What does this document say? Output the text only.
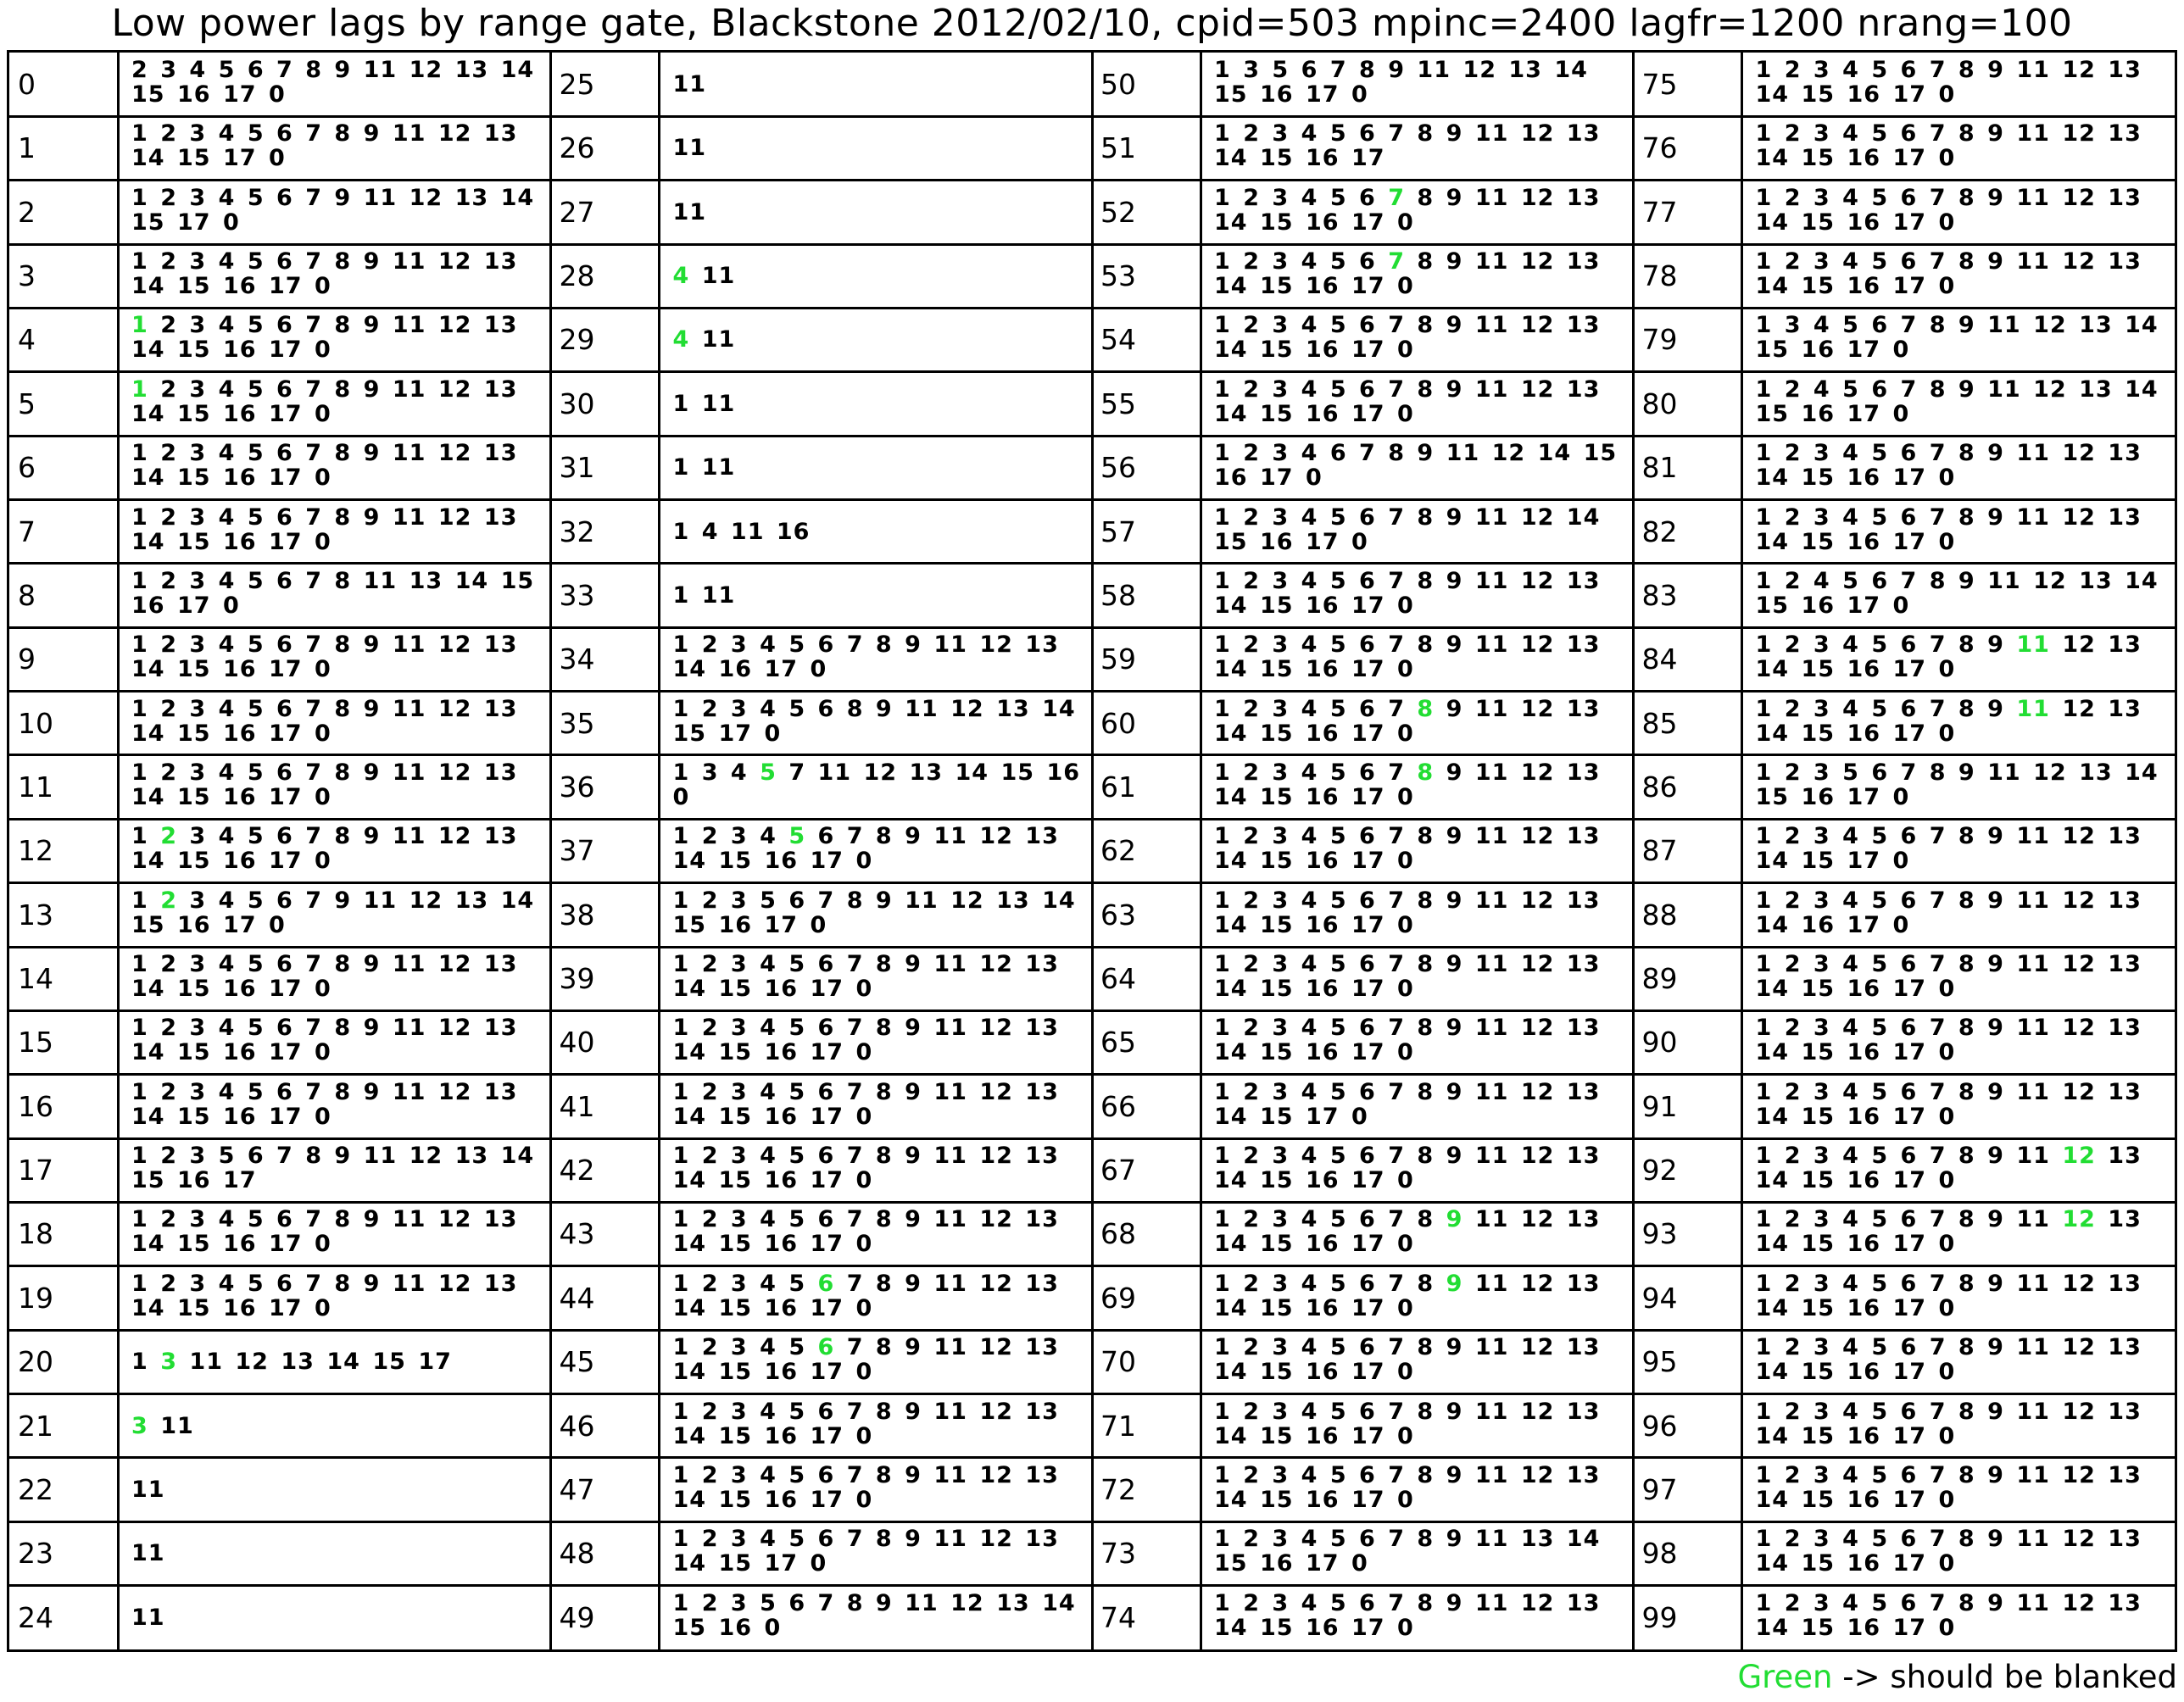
Low power lags by range gate, Blackstone 2012/02/10, cpid=503 mpinc=2400 lagfr=1200 nrang=100
0	2 3 4 5 6 7 8 9 11 12 13 14 15 16 17 0
1	1 2 3 4 5 6 7 8 9 11 12 13 14 15 17 0
2	1 2 3 4 5 6 7 9 11 12 13 14 15 17 0
3	1 2 3 4 5 6 7 8 9 11 12 13 14 15 16 17 0
4	1 2 3 4 5 6 7 8 9 11 12 13 14 15 16 17 0
5	1 2 3 4 5 6 7 8 9 11 12 13 14 15 16 17 0
6	1 2 3 4 5 6 7 8 9 11 12 13 14 15 16 17 0
7	1 2 3 4 5 6 7 8 9 11 12 13 14 15 16 17 0
8	1 2 3 4 5 6 7 8 11 13 14 15 16 17 0
9	1 2 3 4 5 6 7 8 9 11 12 13 14 15 16 17 0
10	1 2 3 4 5 6 7 8 9 11 12 13 14 15 16 17 0
11	1 2 3 4 5 6 7 8 9 11 12 13 14 15 16 17 0
12	1 2 3 4 5 6 7 8 9 11 12 13 14 15 16 17 0
13	1 2 3 4 5 6 7 9 11 12 13 14 15 16 17 0
14	1 2 3 4 5 6 7 8 9 11 12 13 14 15 16 17 0
15	1 2 3 4 5 6 7 8 9 11 12 13 14 15 16 17 0
16	1 2 3 4 5 6 7 8 9 11 12 13 14 15 16 17 0
17	1 2 3 5 6 7 8 9 11 12 13 14 15 16 17
18	1 2 3 4 5 6 7 8 9 11 12 13 14 15 16 17 0
19	1 2 3 4 5 6 7 8 9 11 12 13 14 15 16 17 0
20	1 3 11 12 13 14 15 17
21	3 11
22	11
23	11
24	11
25	11
26	11
27	11
28	4 11
29	4 11
30	1 11
31	1 11
32	1 4 11 16
33	1 11
34	1 2 3 4 5 6 7 8 9 11 12 13 14 16 17 0
35	1 2 3 4 5 6 8 9 11 12 13 14 15 17 0
36	1 3 4 5 7 11 12 13 14 15 16 0
37	1 2 3 4 5 6 7 8 9 11 12 13 14 15 16 17 0
38	1 2 3 5 6 7 8 9 11 12 13 14 15 16 17 0
39	1 2 3 4 5 6 7 8 9 11 12 13 14 15 16 17 0
40	1 2 3 4 5 6 7 8 9 11 12 13 14 15 16 17 0
41	1 2 3 4 5 6 7 8 9 11 12 13 14 15 16 17 0
42	1 2 3 4 5 6 7 8 9 11 12 13 14 15 16 17 0
43	1 2 3 4 5 6 7 8 9 11 12 13 14 15 16 17 0
44	1 2 3 4 5 6 7 8 9 11 12 13 14 15 16 17 0
45	1 2 3 4 5 6 7 8 9 11 12 13 14 15 16 17 0
46	1 2 3 4 5 6 7 8 9 11 12 13 14 15 16 17 0
47	1 2 3 4 5 6 7 8 9 11 12 13 14 15 16 17 0
48	1 2 3 4 5 6 7 8 9 11 12 13 14 15 17 0
49	1 2 3 5 6 7 8 9 11 12 13 14 15 16 0
50	1 3 5 6 7 8 9 11 12 13 14 15 16 17 0
51	1 2 3 4 5 6 7 8 9 11 12 13 14 15 16 17
52	1 2 3 4 5 6 7 8 9 11 12 13 14 15 16 17 0
53	1 2 3 4 5 6 7 8 9 11 12 13 14 15 16 17 0
54	1 2 3 4 5 6 7 8 9 11 12 13 14 15 16 17 0
55	1 2 3 4 5 6 7 8 9 11 12 13 14 15 16 17 0
56	1 2 3 4 6 7 8 9 11 12 14 15 16 17 0
57	1 2 3 4 5 6 7 8 9 11 12 14 15 16 17 0
58	1 2 3 4 5 6 7 8 9 11 12 13 14 15 16 17 0
59	1 2 3 4 5 6 7 8 9 11 12 13 14 15 16 17 0
60	1 2 3 4 5 6 7 8 9 11 12 13 14 15 16 17 0
61	1 2 3 4 5 6 7 8 9 11 12 13 14 15 16 17 0
62	1 2 3 4 5 6 7 8 9 11 12 13 14 15 16 17 0
63	1 2 3 4 5 6 7 8 9 11 12 13 14 15 16 17 0
64	1 2 3 4 5 6 7 8 9 11 12 13 14 15 16 17 0
65	1 2 3 4 5 6 7 8 9 11 12 13 14 15 16 17 0
66	1 2 3 4 5 6 7 8 9 11 12 13 14 15 17 0
67	1 2 3 4 5 6 7 8 9 11 12 13 14 15 16 17 0
68	1 2 3 4 5 6 7 8 9 11 12 13 14 15 16 17 0
69	1 2 3 4 5 6 7 8 9 11 12 13 14 15 16 17 0
70	1 2 3 4 5 6 7 8 9 11 12 13 14 15 16 17 0
71	1 2 3 4 5 6 7 8 9 11 12 13 14 15 16 17 0
72	1 2 3 4 5 6 7 8 9 11 12 13 14 15 16 17 0
73	1 2 3 4 5 6 7 8 9 11 13 14 15 16 17 0
74	1 2 3 4 5 6 7 8 9 11 12 13 14 15 16 17 0
75	1 2 3 4 5 6 7 8 9 11 12 13 14 15 16 17 0
76	1 2 3 4 5 6 7 8 9 11 12 13 14 15 16 17 0
77	1 2 3 4 5 6 7 8 9 11 12 13 14 15 16 17 0
78	1 2 3 4 5 6 7 8 9 11 12 13 14 15 16 17 0
79	1 3 4 5 6 7 8 9 11 12 13 14 15 16 17 0
80	1 2 4 5 6 7 8 9 11 12 13 14 15 16 17 0
81	1 2 3 4 5 6 7 8 9 11 12 13 14 15 16 17 0
82	1 2 3 4 5 6 7 8 9 11 12 13 14 15 16 17 0
83	1 2 4 5 6 7 8 9 11 12 13 14 15 16 17 0
84	1 2 3 4 5 6 7 8 9 11 12 13 14 15 16 17 0
85	1 2 3 4 5 6 7 8 9 11 12 13 14 15 16 17 0
86	1 2 3 5 6 7 8 9 11 12 13 14 15 16 17 0
87	1 2 3 4 5 6 7 8 9 11 12 13 14 15 17 0
88	1 2 3 4 5 6 7 8 9 11 12 13 14 16 17 0
89	1 2 3 4 5 6 7 8 9 11 12 13 14 15 16 17 0
90	1 2 3 4 5 6 7 8 9 11 12 13 14 15 16 17 0
91	1 2 3 4 5 6 7 8 9 11 12 13 14 15 16 17 0
92	1 2 3 4 5 6 7 8 9 11 12 13 14 15 16 17 0
93	1 2 3 4 5 6 7 8 9 11 12 13 14 15 16 17 0
94	1 2 3 4 5 6 7 8 9 11 12 13 14 15 16 17 0
95	1 2 3 4 5 6 7 8 9 11 12 13 14 15 16 17 0
96	1 2 3 4 5 6 7 8 9 11 12 13 14 15 16 17 0
97	1 2 3 4 5 6 7 8 9 11 12 13 14 15 16 17 0
98	1 2 3 4 5 6 7 8 9 11 12 13 14 15 16 17 0
99	1 2 3 4 5 6 7 8 9 11 12 13 14 15 16 17 0
Green -> should be blanked
